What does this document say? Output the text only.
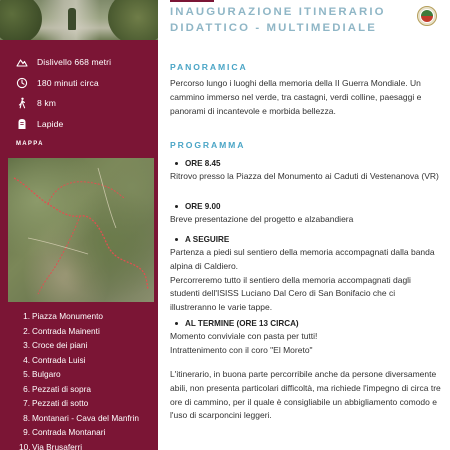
Dislivello 668 metri
180 minuti circa
8 km
Lapide
MAPPA
1. Piazza Monumento
2. Contrada Mainenti
3. Croce dei piani
4. Contrada Luisi
5. Bulgaro
6. Pezzati di sopra
7. Pezzati di sotto
8. Montanari - Cava del Manfrin
9. Contrada Montanari
10. Via Brusaferri
INAUGURAZIONE ITINERARIO DIDATTICO - MULTIMEDIALE
PANORAMICA

Percorso lungo i luoghi della memoria della II Guerra Mondiale. Un cammino immerso nel verde, tra castagni, verdi colline, paesaggi e panorami di incantevole e morbida bellezza.

PROGRAMMA
ORE 8.45
Ritrovo presso la Piazza del Monumento ai Caduti di Vestenanova (VR)
ORE 9.00
Breve presentazione del progetto e alzabandiera
A SEGUIRE
Partenza a piedi sul sentiero della memoria accompagnati dalla banda alpina di Caldiero.
Percorreremo tutto il sentiero della memoria accompagnati dagli studenti dell'ISISS Luciano Dal Cero di San Bonifacio che ci illustreranno le varie tappe.
AL TERMINE (ORE 13 CIRCA)
Momento conviviale con pasta per tutti!
Intrattenimento con il coro "El Moreto"

L'itinerario, in buona parte percorribile anche da persone diversamente abili, non presenta particolari difficoltà, ma richiede l'impegno di circa tre ore di cammino, per il quale è consigliabile un abbigliamento comodo e l'uso di scarponcini leggeri.
